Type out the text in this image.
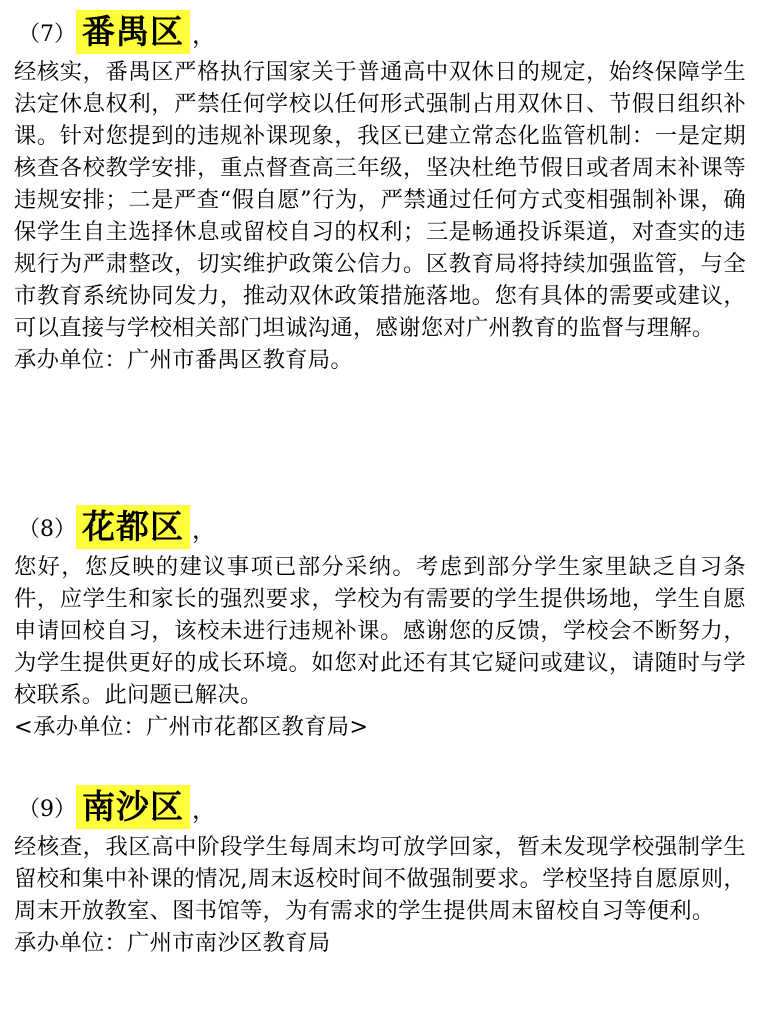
（7） 番禺区 ，
经核实，番禺区严格执行国家关于普通高中双休日的规定，始终保障学生法定休息权利，严禁任何学校以任何形式强制占用双休日、节假日组织补课。针对您提到的违规补课现象，我区已建立常态化监管机制：一是定期核查各校教学安排，重点督查高三年级，坚决杜绝节假日或者周末补课等违规安排；二是严查“假自愿”行为，严禁通过任何方式变相强制补课，确保学生自主选择休息或留校自习的权利；三是畅通投诉渠道，对查实的违规行为严肃整改，切实维护政策公信力。区教育局将持续加强监管，与全市教育系统协同发力，推动双休政策措施落地。您有具体的需要或建议，可以直接与学校相关部门坦诚沟通，感谢您对广州教育的监督与理解。
承办单位：广州市番禺区教育局。
（8） 花都区 ，
您好，您反映的建议事项已部分采纳。考虑到部分学生家里缺乏自习条件，应学生和家长的强烈要求，学校为有需要的学生提供场地，学生自愿申请回校自习，该校未进行违规补课。感谢您的反馈，学校会不断努力，为学生提供更好的成长环境。如您对此还有其它疑问或建议，请随时与学校联系。此问题已解决。
<承办单位：广州市花都区教育局>
（9） 南沙区 ，
经核查，我区高中阶段学生每周末均可放学回家，暂未发现学校强制学生留校和集中补课的情况,周末返校时间不做强制要求。学校坚持自愿原则，周末开放教室、图书馆等，为有需求的学生提供周末留校自习等便利。
承办单位：广州市南沙区教育局
